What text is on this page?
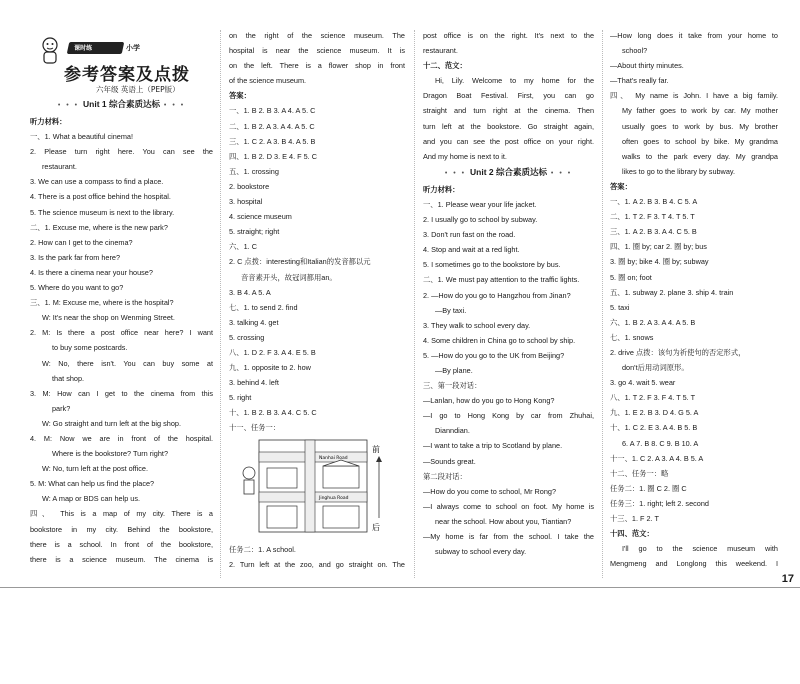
课时练	小学
参考答案及点拨
六年级 英语上（PEP版）
• • • Unit 1 综合素质达标 • • •
听力材料：
一、1. What a beautiful cinema!
2. Please turn right here. You can see the
restaurant.
3. We can use a compass to find a place.
4. There is a post office behind the hospital.
5. The science museum is next to the library.
二、1. Excuse me, where is the new park?
2. How can I get to the cinema?
3. Is the park far from here?
4. Is there a cinema near your house?
5. Where do you want to go?
三、1. M: Excuse me, where is the hospital?
W: It's near the shop on Wenming Street.
2. M: Is there a post office near here? I want
to buy some postcards.
W: No, there isn't. You can buy some at
that shop.
3. M: How can I get to the cinema from this
park?
W: Go straight and turn left at the big shop.
4. M: Now we are in front of the hospital.
Where is the bookstore? Turn right?
W: No, turn left at the post office.
5. M: What can help us find the place?
W: A map or BDS can help us.
四、 This is a map of my city. There is a
bookstore in my city. Behind the bookstore,
there is a school. In front of the bookstore,
there is a science museum. The cinema is
on the right of the science museum. The
hospital is near the science museum. It is
on the left. There is a flower shop in front
of the science museum.
答案：
一、1. B 2. B 3. A 4. A 5. C
二、1. B 2. A 3. A 4. A 5. C
三、1. C 2. A 3. B 4. A 5. B
四、1. B 2. D 3. E 4. F 5. C
五、1. crossing
2. bookstore
3. hospital
4. science museum
5. straight; right
六、1. C
2. C 点拨：interesting和Italian的发音都以元
音音素开头，故冠词都用an。
3. B 4. A 5. A
七、1. to send 2. find
3. talking 4. get
5. crossing
八、1. D 2. F 3. A 4. E 5. B
九、1. opposite to 2. how
3. behind 4. left
5. right
十、1. B 2. B 3. A 4. C 5. C
十一、任务一：
Nanhai Road
Jinghua Road
前
后
任务二：1. A school.
2. Turn left at the zoo, and go straight on. The
post office is on the right. It's next to the
restaurant.
十二、范文：
Hi, Lily. Welcome to my home for the
Dragon Boat Festival. First, you can go
straight and turn right at the cinema. Then
turn left at the bookstore. Go straight again,
and you can see the post office on your right.
And my home is next to it.
• • • Unit 2 综合素质达标 • • •
听力材料：
一、1. Please wear your life jacket.
2. I usually go to school by subway.
3. Don't run fast on the road.
4. Stop and wait at a red light.
5. I sometimes go to the bookstore by bus.
二、1. We must pay attention to the traffic lights.
2. —How do you go to Hangzhou from Jinan?
—By taxi.
3. They walk to school every day.
4. Some children in China go to school by ship.
5. —How do you go to the UK from Beijing?
—By plane.
三、第一段对话：
—Lanlan, how do you go to Hong Kong?
—I go to Hong Kong by car from Zhuhai,
Dianndian.
—I want to take a trip to Scotland by plane.
—Sounds great.
第二段对话：
—How do you come to school, Mr Rong?
—I always come to school on foot. My home is
near the school. How about you, Tiantian?
—My home is far from the school. I take the
subway to school every day.
—How long does it take from your home to
school?
—About thirty minutes.
—That's really far.
四、 My name is John. I have a big family.
My father goes to work by car. My mother
usually goes to work by bus. My brother
often goes to school by bike. My grandma
walks to the park every day. My grandpa
likes to go to the library by subway.
答案：
一、1. A 2. B 3. B 4. C 5. A
二、1. T 2. F 3. T 4. T 5. T
三、1. A 2. B 3. A 4. C 5. B
四、1. 圈 by; car 2. 圈 by; bus
3. 圈 by; bike 4. 圈 by; subway
5. 圈 on; foot
五、1. subway 2. plane 3. ship 4. train
5. taxi
六、1. B 2. A 3. A 4. A 5. B
七、1. snows
2. drive 点拨：该句为祈使句的否定形式，
don't后用动词原形。
3. go 4. wait 5. wear
八、1. T 2. F 3. F 4. T 5. T
九、1. E 2. B 3. D 4. G 5. A
十、1. C 2. E 3. A 4. B 5. B
6. A 7. B 8. C 9. B 10. A
十一、1. C 2. A 3. A 4. B 5. A
十二、任务一：略
任务二：1. 圈 C 2. 圈 C
任务三：1. right; left 2. second
十三、1. F 2. T
十四、范文：
I'll go to the science museum with
Mengmeng and Longlong this weekend. I
17
